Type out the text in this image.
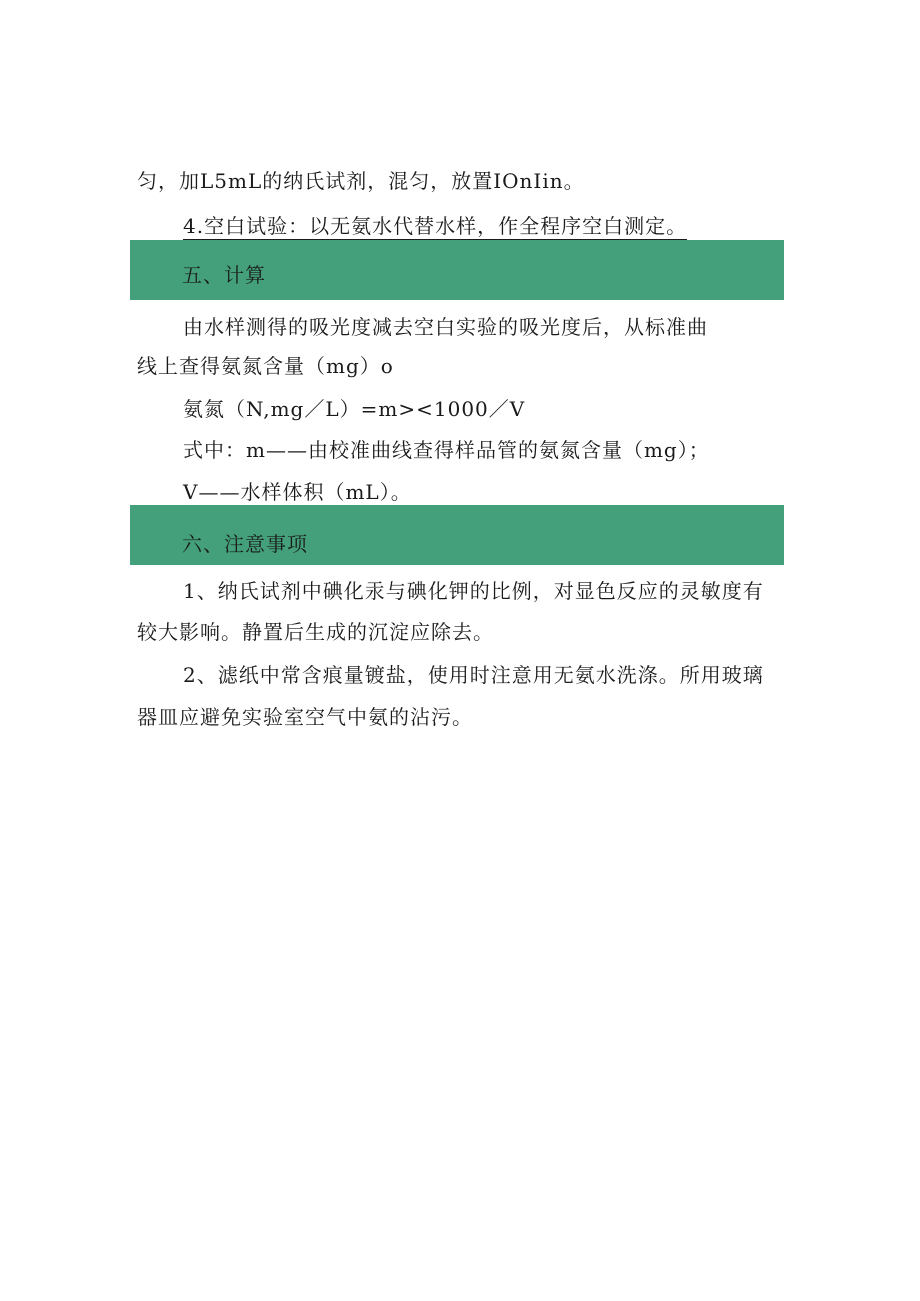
匀，加L5mL的纳氏试剂，混匀，放置IOnIin。
4.空白试验：以无氨水代替水样，作全程序空白测定。
五、计算
由水样测得的吸光度减去空白实验的吸光度后，从标准曲
线上查得氨氮含量（mg）o
氨氮（N,mg／L）=m><1000／V
式中：m——由校准曲线查得样品管的氨氮含量（mg）；
V——水样体积（mL）。
六、注意事项
1、纳氏试剂中碘化汞与碘化钾的比例，对显色反应的灵敏度有
较大影响。静置后生成的沉淀应除去。
2、滤纸中常含痕量镀盐，使用时注意用无氨水洗涤。所用玻璃
器皿应避免实验室空气中氨的沾污。
